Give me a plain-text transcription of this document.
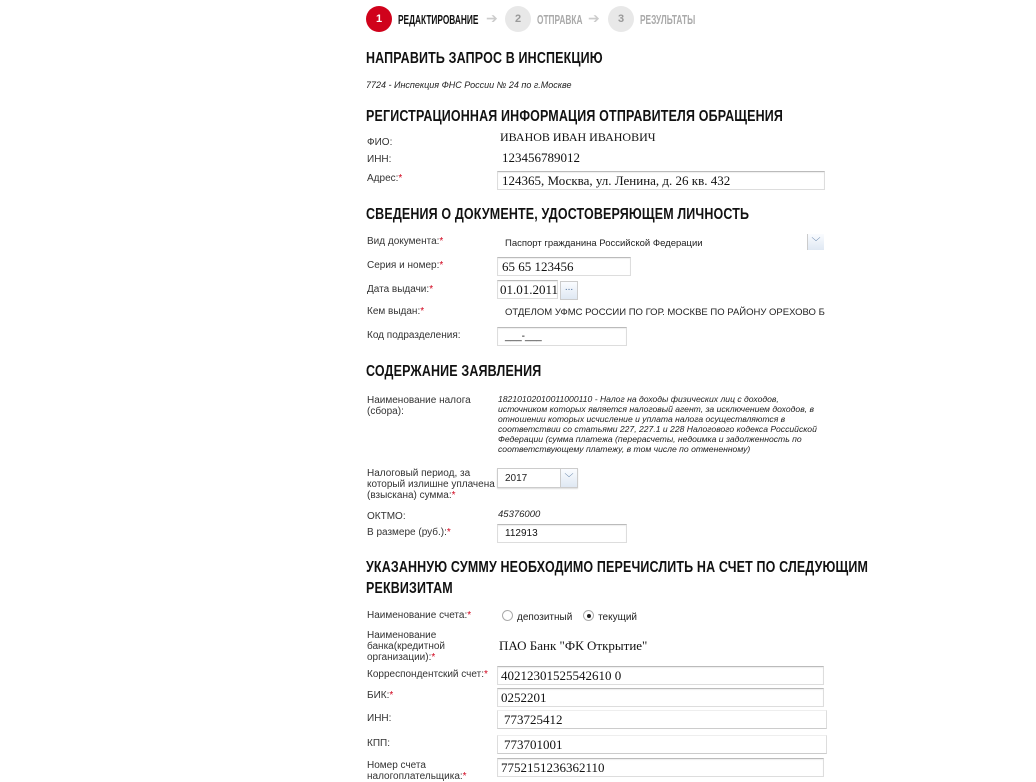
1	РЕДАКТИРОВАНИЕ ➔	2	ОТПРАВКА ➔	3	РЕЗУЛЬТАТЫ
НАПРАВИТЬ ЗАПРОС В ИНСПЕКЦИЮ
7724 - Инспекция ФНС России № 24 по г.Москве
РЕГИСТРАЦИОННАЯ ИНФОРМАЦИЯ ОТПРАВИТЕЛЯ ОБРАЩЕНИЯ
ФИО:	ИВАНОВ ИВАН ИВАНОВИЧ
ИНН:	123456789012
Адрес:*	124365, Москва, ул. Ленина, д. 26 кв. 432
СВЕДЕНИЯ О ДОКУМЕНТЕ, УДОСТОВЕРЯЮЩЕМ ЛИЧНОСТЬ
Вид документа:*	Паспорт гражданина Российской Федерации	﹀
Серия и номер:*	65 65 123456
Дата выдачи:*	01.01.2011 ...
Кем выдан:*	ОТДЕЛОМ УФМС РОССИИ ПО ГОР. МОСКВЕ ПО РАЙОНУ ОРЕХОВО Б
Код подразделения:	___-___
СОДЕРЖАНИЕ ЗАЯВЛЕНИЯ
Наименование налога (сбора):
18210102010011000110 - Налог на доходы физических лиц с доходов, источником которых является налоговый агент, за исключением доходов, в отношении которых исчисление и уплата налога осуществляются в соответствии со статьями 227, 227.1 и 228 Налогового кодекса Российской Федерации (сумма платежа (перерасчеты, недоимка и задолженность по соответствующему платежу, в том числе по отмененному)
Налоговый период, за который излишне уплачена (взыскана) сумма:*
2017	﹀
ОКТМО:	45376000
В размере (руб.):*	112913
УКАЗАННУЮ СУММУ НЕОБХОДИМО ПЕРЕЧИСЛИТЬ НА СЧЕТ ПО СЛЕДУЮЩИМ
РЕКВИЗИТАМ
Наименование счета:*	депозитный	текущий
Наименование банка(кредитной организации):*
ПАО Банк "ФК Открытие"
Корреспондентский счет:*	40212301525542610 0
БИК:*	0252201
ИНН:	773725412
КПП:	773701001
Номер счета налогоплательщика:*
7752151236362110
